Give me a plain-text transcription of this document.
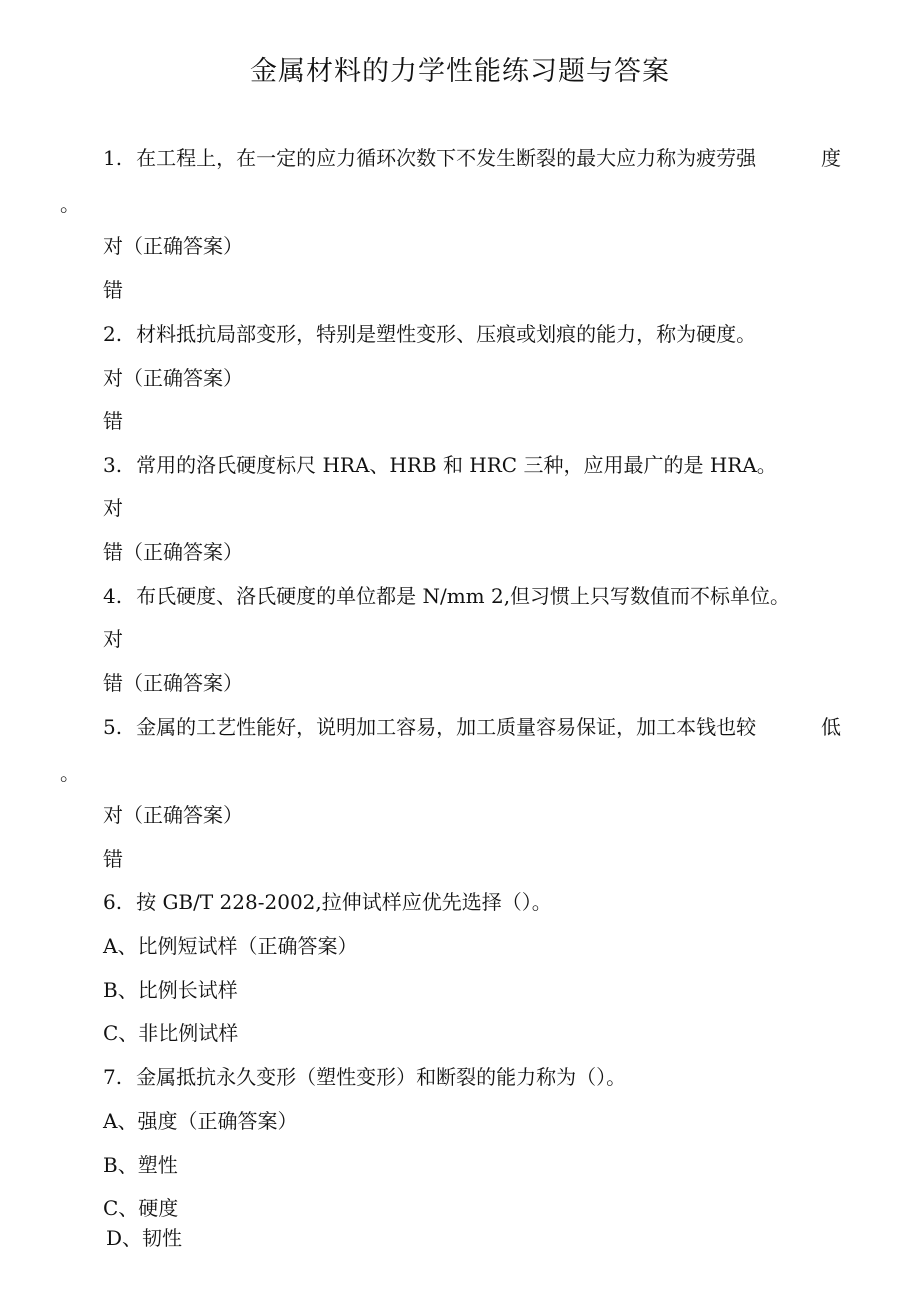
金属材料的力学性能练习题与答案
1. 在工程上，在一定的应力循环次数下不发生断裂的最大应力称为疲劳强	度
。
对（正确答案）
错
2. 材料抵抗局部变形，特别是塑性变形、压痕或划痕的能力，称为硬度。
对（正确答案）
错
3. 常用的洛氏硬度标尺 HRA、HRB 和 HRC 三种，应用最广的是 HRA。
对
错（正确答案）
4. 布氏硬度、洛氏硬度的单位都是 N/mm 2,但习惯上只写数值而不标单位。
对
错（正确答案）
5. 金属的工艺性能好，说明加工容易，加工质量容易保证，加工本钱也较	低
。
对（正确答案）
错
6. 按 GB/T 228-2002,拉伸试样应优先选择（）。
A、比例短试样（正确答案）
B、比例长试样
C、非比例试样
7. 金属抵抗永久变形（塑性变形）和断裂的能力称为（）。
A、强度（正确答案）
B、塑性
C、硬度
D、韧性
